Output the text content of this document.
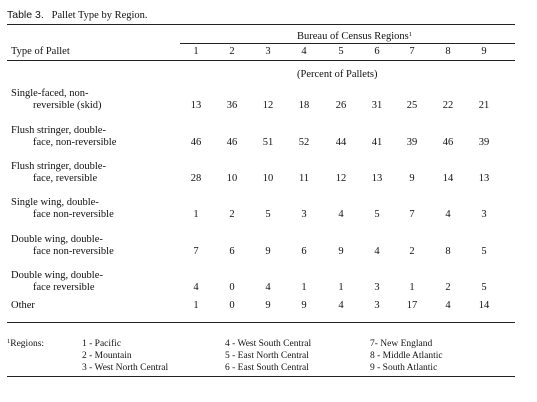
Table 3. Pallet Type by Region.
Bureau of Census Regions$^1$
Type of Pallet	1	2	3	4	5	6	7	8	9
(Percent of Pallets)
Single-faced, non-
reversible (skid)	13	36	12	18	26	31	25	22	21
Flush stringer, double-
face, non-reversible	46	46	51	52	44	41	39	46	39
Flush stringer, double-
face, reversible	28	10	10	11	12	13	9	14	13
Single wing, double-
face non-reversible	1	2	5	3	4	5	7	4	3
Double wing, double-
face non-reversible	7	6	9	6	9	4	2	8	5
Double wing, double-
face reversible	4	0	4	1	1	3	1	2	5
Other	1	0	9	9	4	3	17	4	14
$^1$Regions:	1 - Pacific
2 - Mountain
3 - West North Central
4 - West South Central
5 - East North Central
6 - East South Central
7- New England
8 - Middle Atlantic
9 - South Atlantic
